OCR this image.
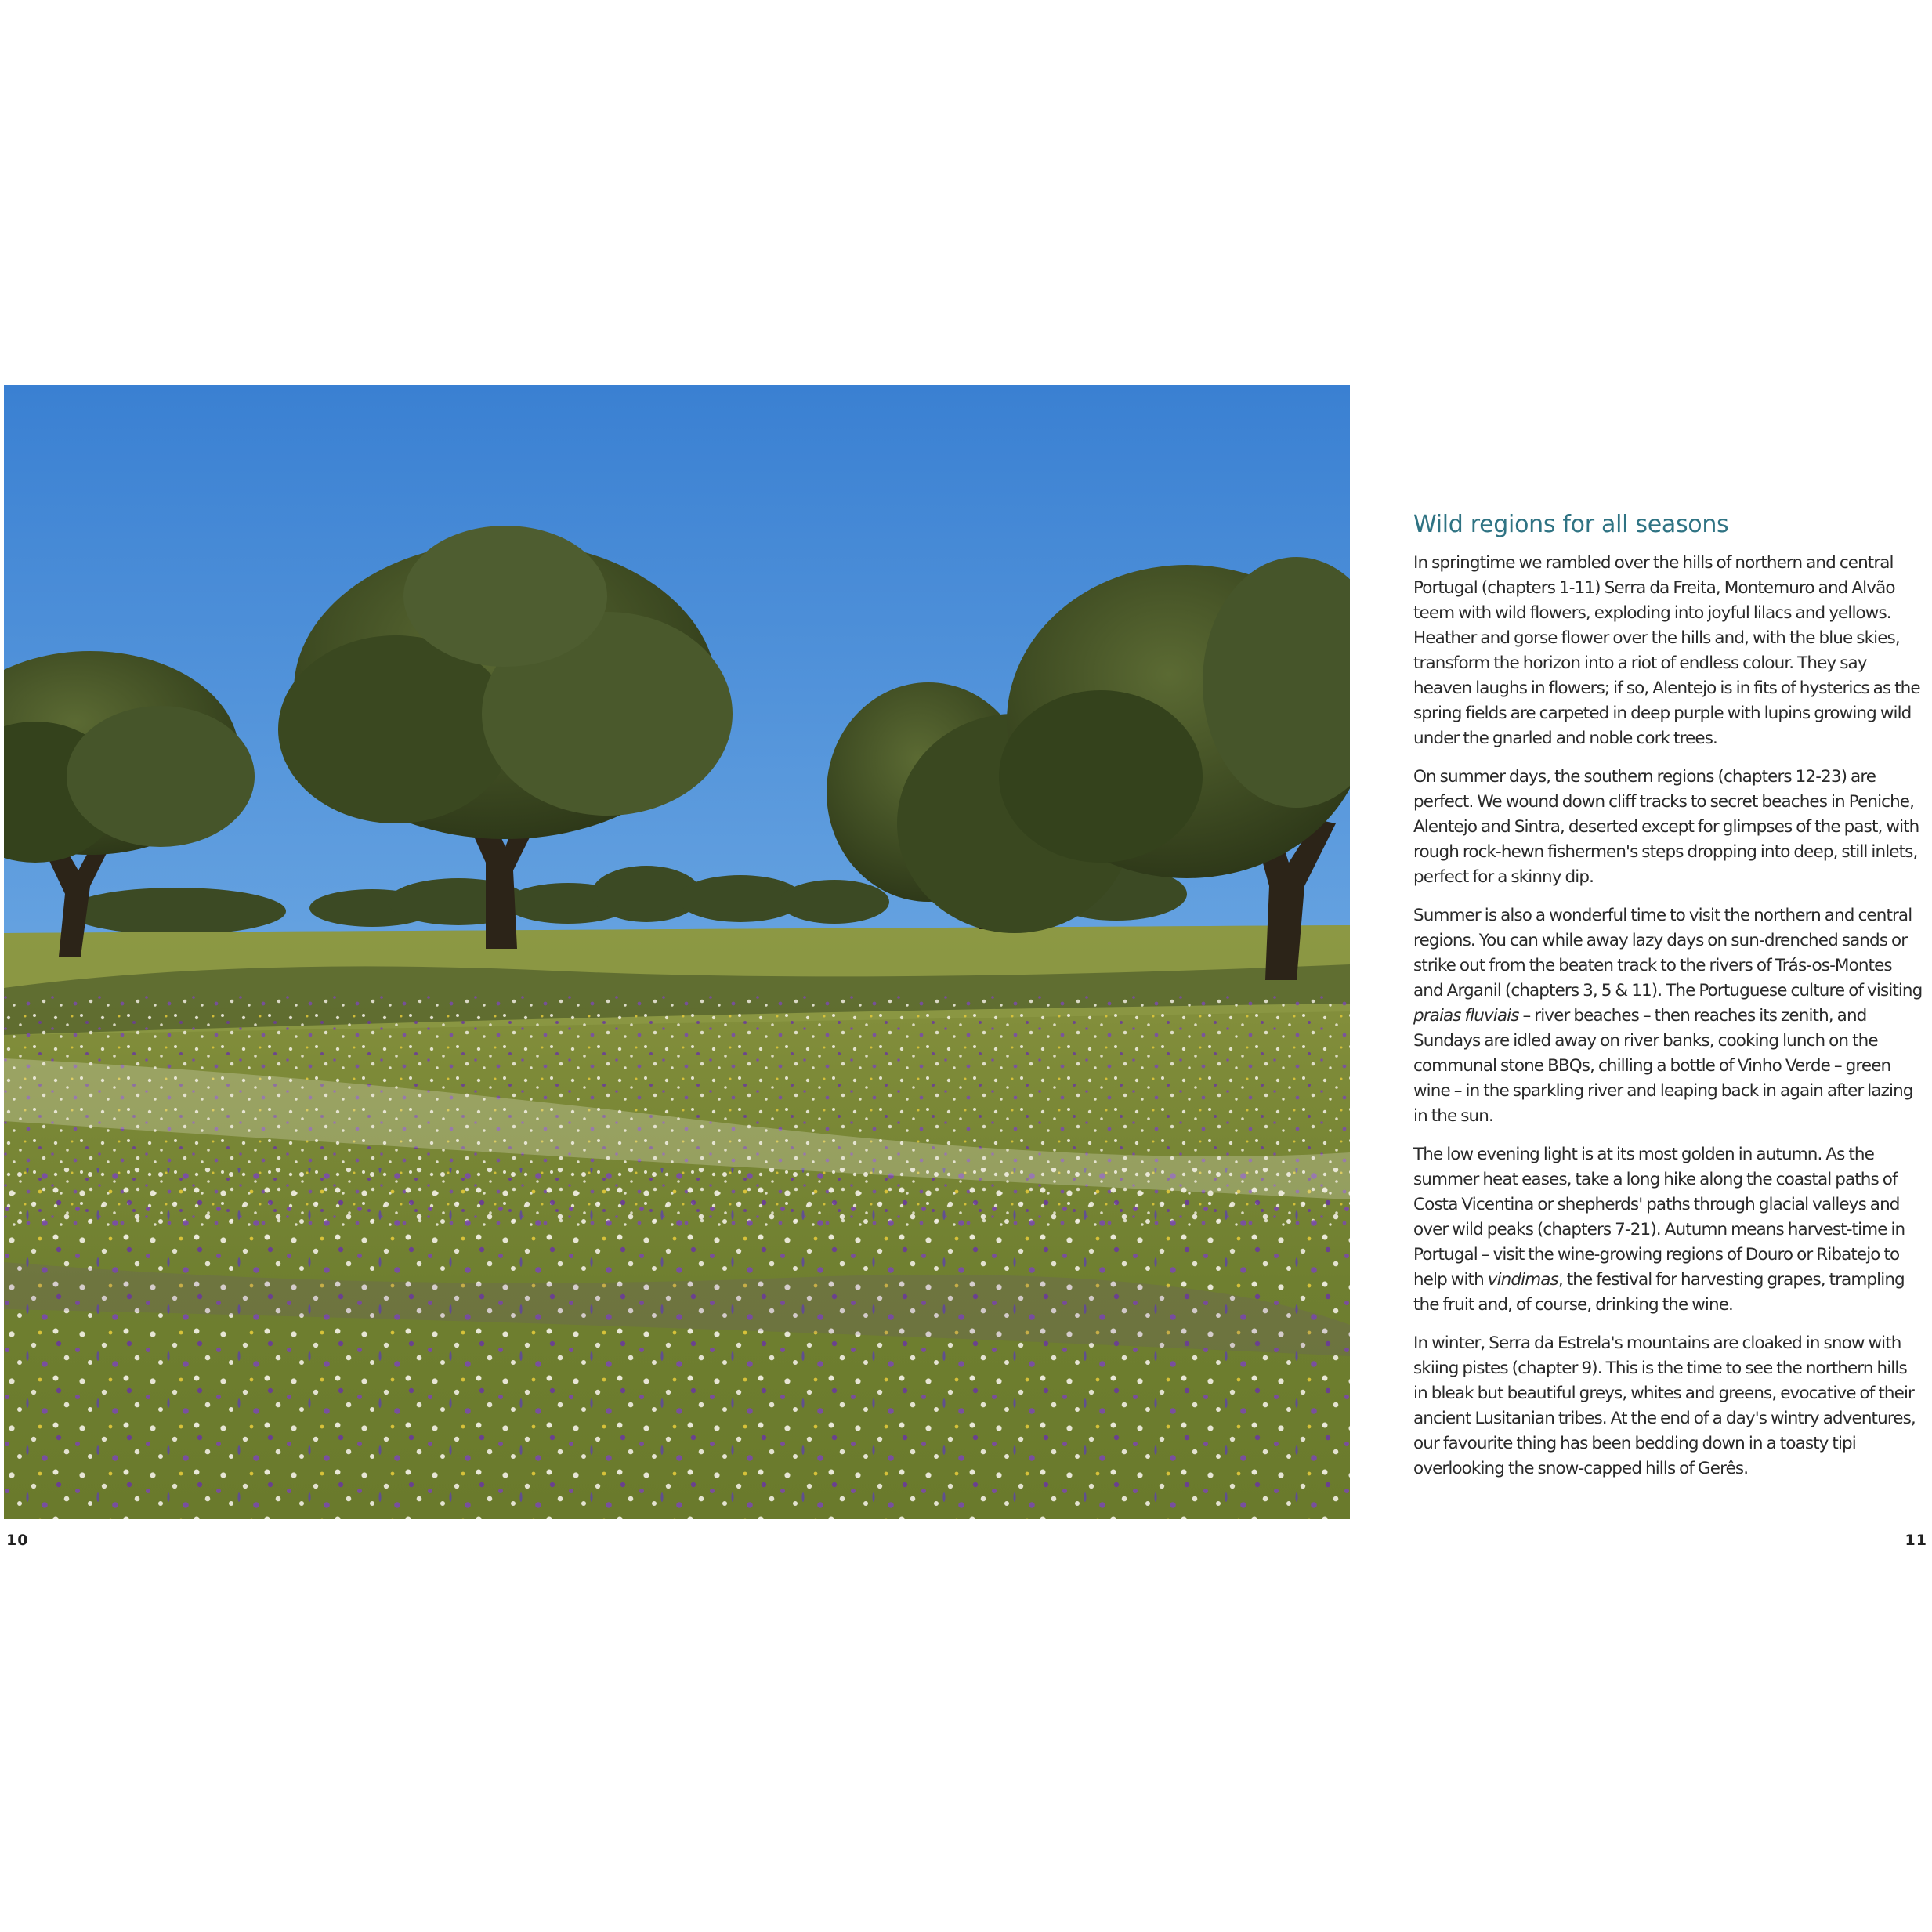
10	11
Wild regions for all seasons

In springtime we rambled over the hills of northern and central Portugal (chapters 1-11) Serra da Freita, Montemuro and Alvão teem with wild flowers, exploding into joyful lilacs and yellows. Heather and gorse flower over the hills and, with the blue skies, transform the horizon into a riot of endless colour. They say heaven laughs in flowers; if so, Alentejo is in fits of hysterics as the spring fields are carpeted in deep purple with lupins growing wild under the gnarled and noble cork trees.

On summer days, the southern regions (chapters 12-23) are perfect. We wound down cliff tracks to secret beaches in Peniche, Alentejo and Sintra, deserted except for glimpses of the past, with rough rock-hewn fishermen's steps dropping into deep, still inlets, perfect for a skinny dip.

Summer is also a wonderful time to visit the northern and central regions. You can while away lazy days on sun-drenched sands or strike out from the beaten track to the rivers of Trás-os-Montes and Arganil (chapters 3, 5 & 11). The Portuguese culture of visiting praias fluviais – river beaches – then reaches its zenith, and Sundays are idled away on river banks, cooking lunch on the communal stone BBQs, chilling a bottle of Vinho Verde – green wine – in the sparkling river and leaping back in again after lazing in the sun.

The low evening light is at its most golden in autumn. As the summer heat eases, take a long hike along the coastal paths of Costa Vicentina or shepherds' paths through glacial valleys and over wild peaks (chapters 7-21). Autumn means harvest-time in Portugal – visit the wine-growing regions of Douro or Ribatejo to help with vindimas, the festival for harvesting grapes, trampling the fruit and, of course, drinking the wine.

In winter, Serra da Estrela's mountains are cloaked in snow with skiing pistes (chapter 9). This is the time to see the northern hills in bleak but beautiful greys, whites and greens, evocative of their ancient Lusitanian tribes. At the end of a day's wintry adventures, our favourite thing has been bedding down in a toasty tipi overlooking the snow-capped hills of Gerês.
